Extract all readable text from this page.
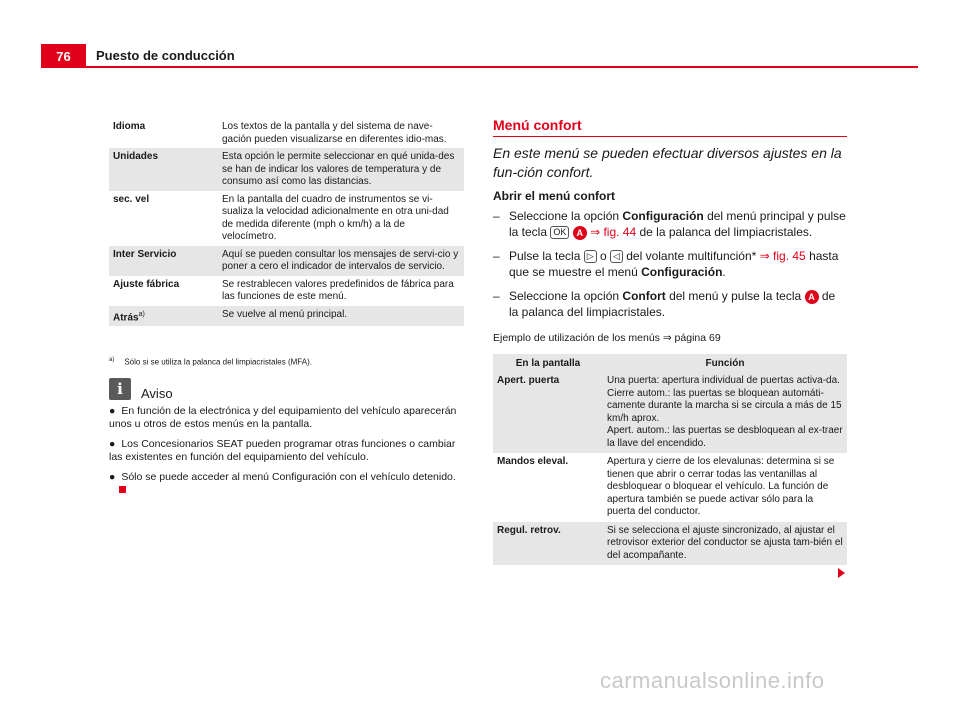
76	Puesto de conducción
Idioma	Los textos de la pantalla y del sistema de nave-gación pueden visualizarse en diferentes idio-mas.
Unidades	Esta opción le permite seleccionar en qué unida-des se han de indicar los valores de temperatura y de consumo así como las distancias.
sec. vel	En la pantalla del cuadro de instrumentos se vi-sualiza la velocidad adicionalmente en otra uni-dad de medida diferente (mph o km/h) a la de velocímetro.
Inter Servicio	Aquí se pueden consultar los mensajes de servi-cio y poner a cero el indicador de intervalos de servicio.
Ajuste fábrica	Se restrablecen valores predefinidos de fábrica para las funciones de este menú.
Atrás$^{a)}$	Se vuelve al menú principal.
$^{a)}$ Sólo si se utiliza la palanca del limpiacristales (MFA).
i	Aviso
● En función de la electrónica y del equipamiento del vehículo aparecerán unos u otros de estos menús en la pantalla.
● Los Concesionarios SEAT pueden programar otras funciones o cambiar las existentes en función del equipamiento del vehículo.
● Sólo se puede acceder al menú Configuración con el vehículo detenido.
Menú confort
En este menú se pueden efectuar diversos ajustes en la fun-ción confort.
Abrir el menú confort
– Seleccione la opción Configuración del menú principal y pulse la tecla OK A ⇒ fig. 44 de la palanca del limpiacristales.
– Pulse la tecla ▷ o ◁ del volante multifunción* ⇒ fig. 45 hasta que se muestre el menú Configuración.
– Seleccione la opción Confort del menú y pulse la tecla A de la palanca del limpiacristales.
Ejemplo de utilización de los menús ⇒ página 69
En la pantalla	Función
Apert. puerta	Una puerta: apertura individual de puertas activa-da.
Cierre autom.: las puertas se bloquean automáti-camente durante la marcha si se circula a más de 15 km/h aprox.
Apert. autom.: las puertas se desbloquean al ex-traer la llave del encendido.
Mandos eleval.	Apertura y cierre de los elevalunas: determina si se tienen que abrir o cerrar todas las ventanillas al desbloquear o bloquear el vehículo. La función de apertura también se puede activar sólo para la puerta del conductor.
Regul. retrov.	Si se selecciona el ajuste sincronizado, al ajustar el retrovisor exterior del conductor se ajusta tam-bién el del acompañante.
carmanualsonline.info
